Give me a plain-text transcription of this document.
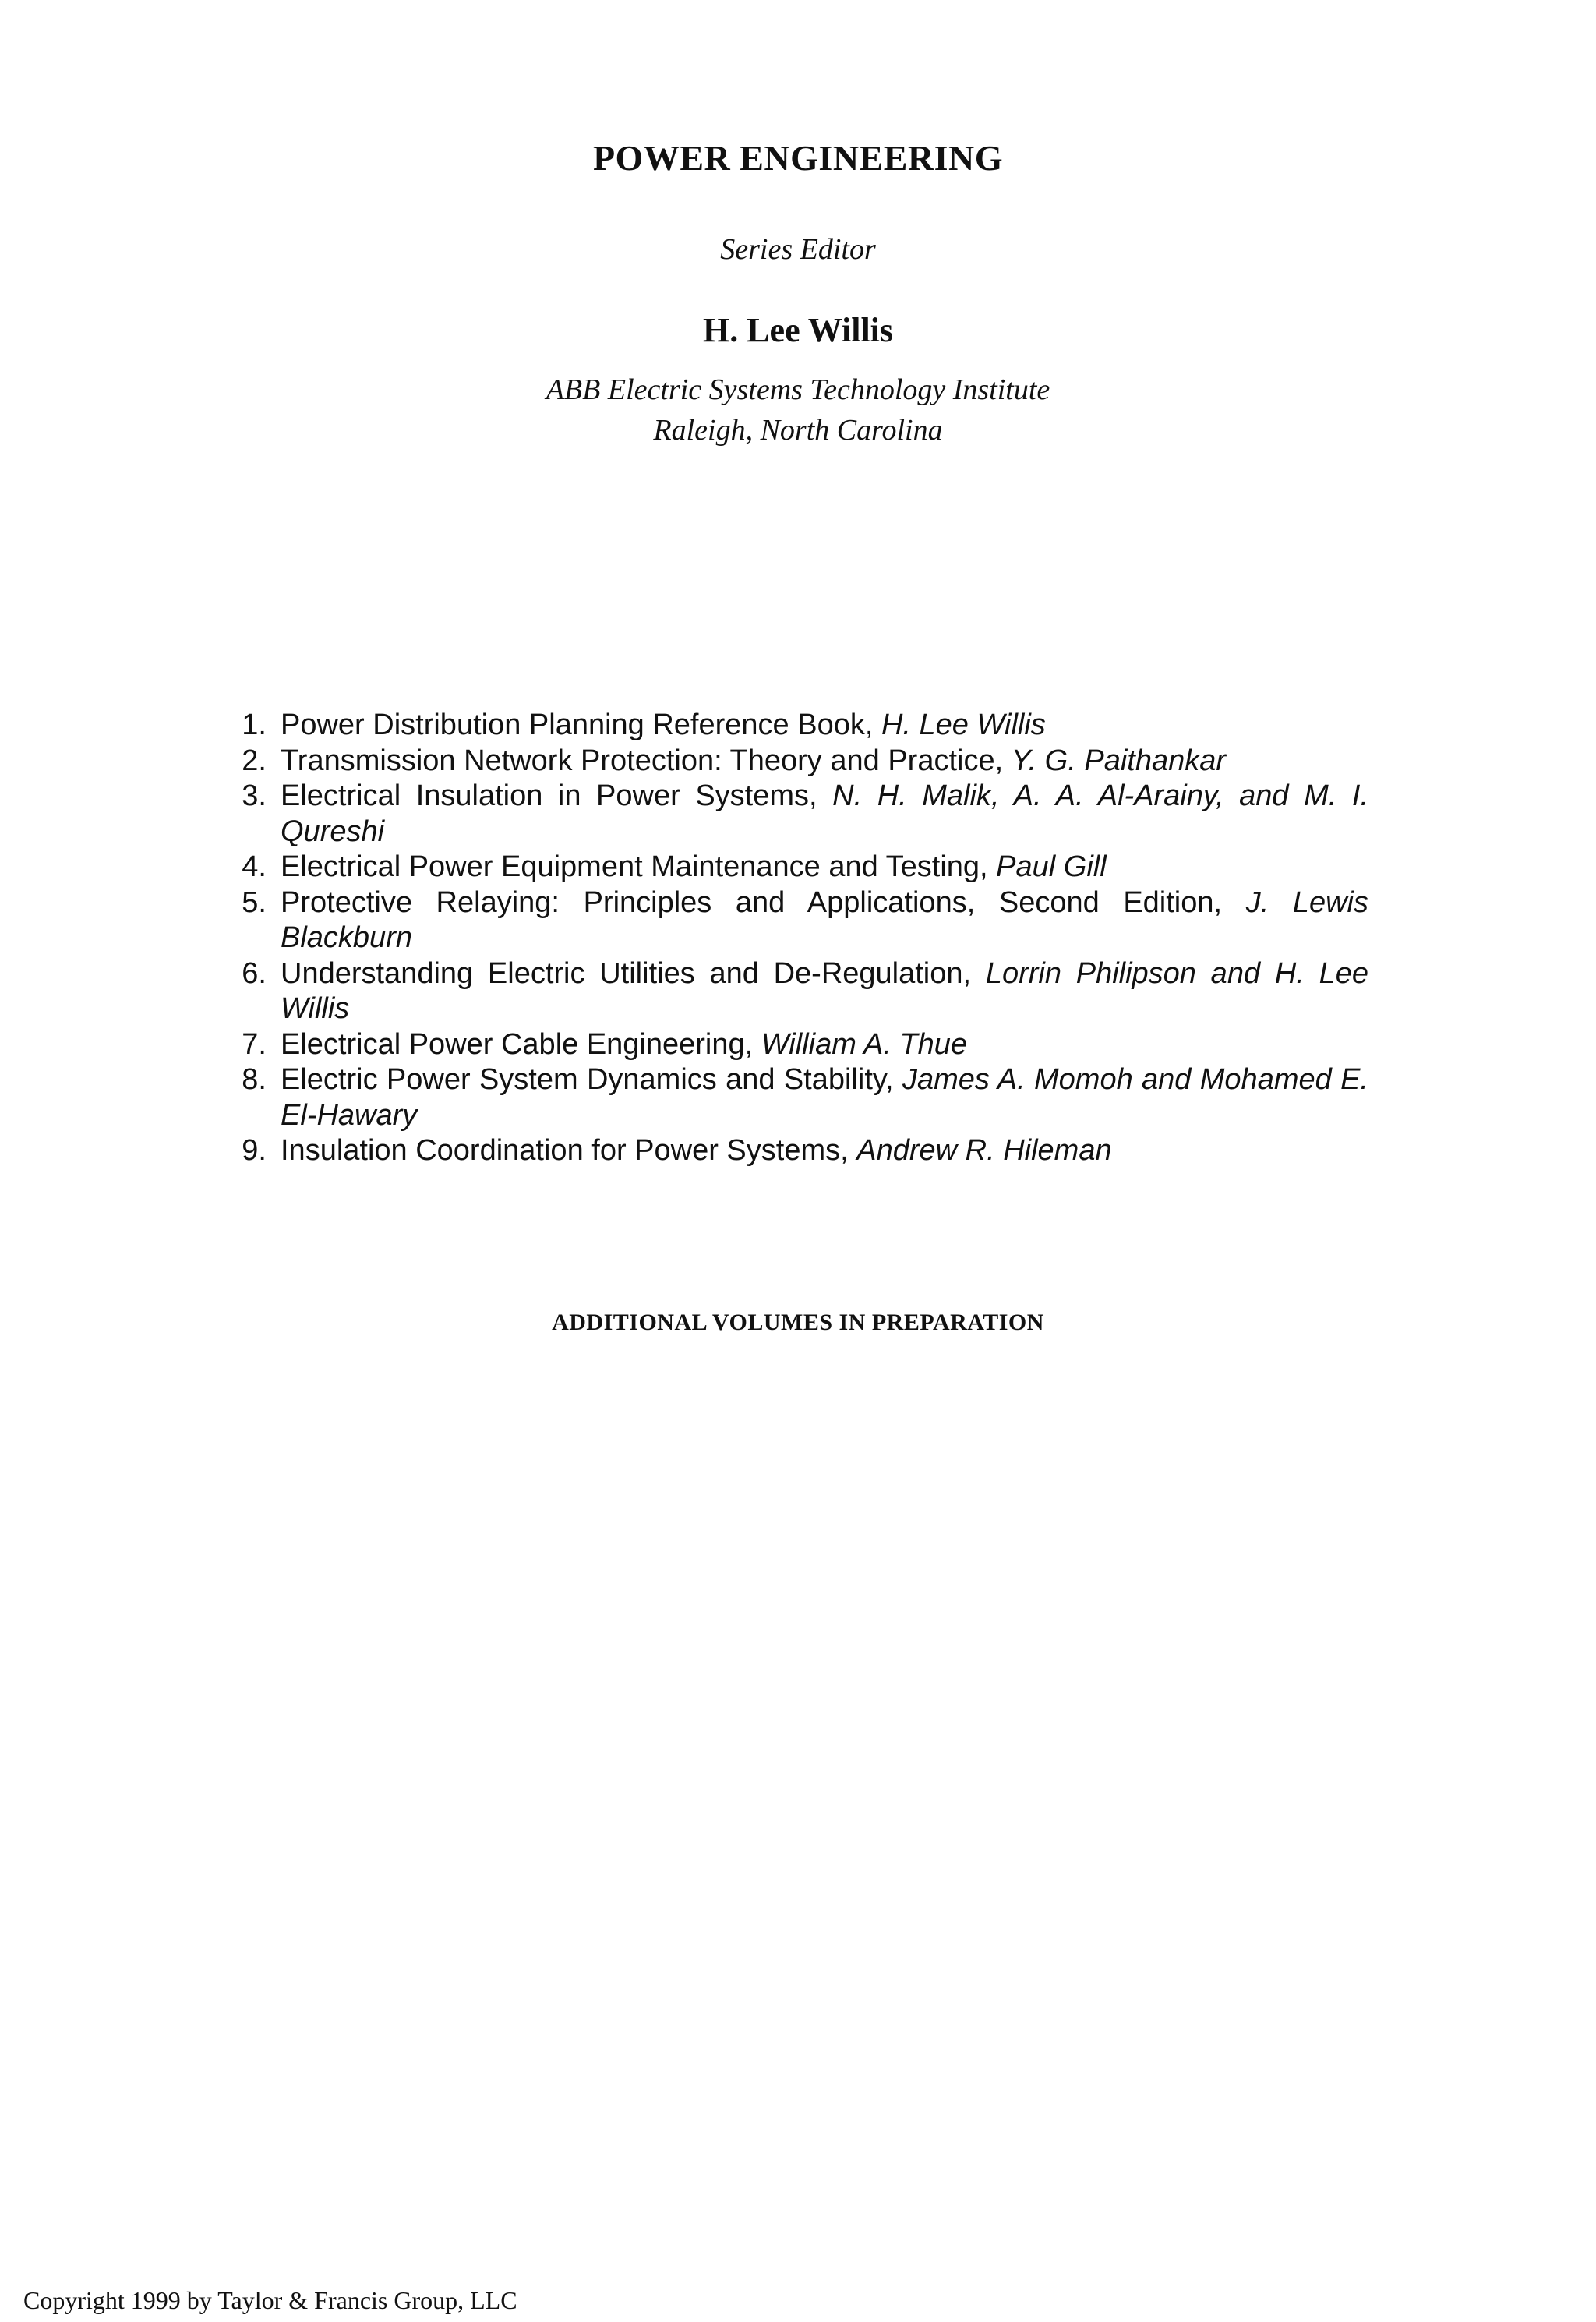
POWER ENGINEERING
Series Editor
H. Lee Willis
ABB Electric Systems Technology Institute
Raleigh, North Carolina
1. Power Distribution Planning Reference Book, H. Lee Willis
2. Transmission Network Protection: Theory and Practice, Y. G. Paithankar
3. Electrical Insulation in Power Systems, N. H. Malik, A. A. Al-Arainy, and M. I. Qureshi
4. Electrical Power Equipment Maintenance and Testing, Paul Gill
5. Protective Relaying: Principles and Applications, Second Edition, J. Lewis Blackburn
6. Understanding Electric Utilities and De-Regulation, Lorrin Philipson and H. Lee Willis
7. Electrical Power Cable Engineering, William A. Thue
8. Electric Power System Dynamics and Stability, James A. Momoh and Mohamed E. El-Hawary
9. Insulation Coordination for Power Systems, Andrew R. Hileman
ADDITIONAL VOLUMES IN PREPARATION
Copyright 1999 by Taylor & Francis Group, LLC
